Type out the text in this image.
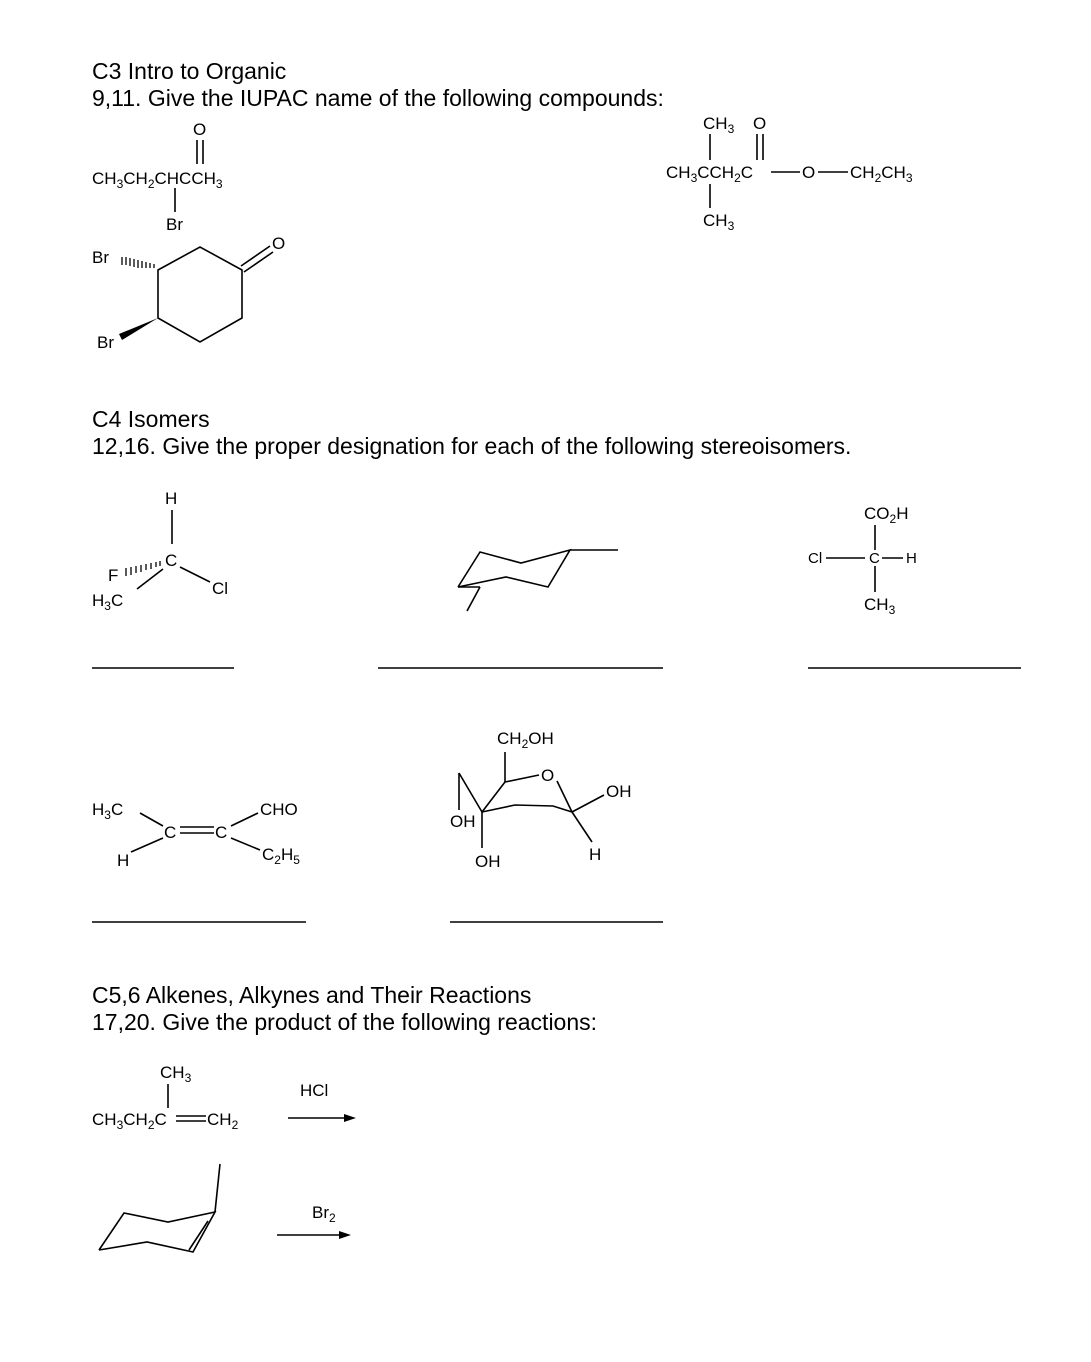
C3 Intro to Organic
9,11. Give the IUPAC name of the following compounds:
C4 Isomers
12,16. Give the proper designation for each of the following stereoisomers.
C5,6 Alkenes, Alkynes and Their Reactions
17,20. Give the product of the following reactions:
O
$CH_3CH_2CHCCH_3$
Br
$CH_3$ O
$CH_3CCH_2C$	O $CH_2CH_3$
$CH_3$
O
Br
Br
H
C
F
$H_3C$
Cl
$CO_2H$
Cl	C H
$CH_3$
$H_3C$
H
C C
CHO
$C_2H_5$
$CH_2OH$
O
OH
OH
OH
H
$CH_3$
$CH_3CH_2C$ $CH_2$
HCl
$Br_2$
